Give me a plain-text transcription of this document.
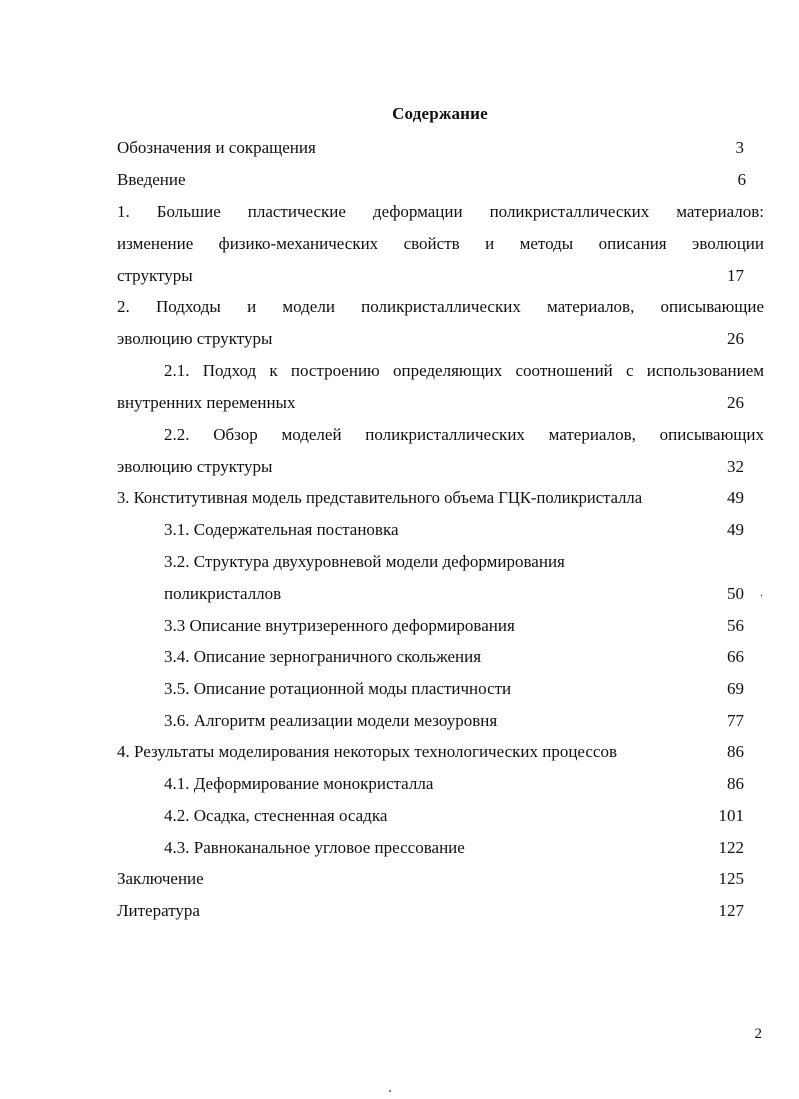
Содержание
Обозначения и сокращения	3
Введение	6
1. Большие пластические деформации поликристаллических материалов:
изменение физико-механических свойств и методы описания эволюции
структуры	17
2. Подходы и модели поликристаллических материалов, описывающие
эволюцию структуры	26
2.1. Подход к построению определяющих соотношений с использованием
внутренних переменных	26
2.2. Обзор моделей поликристаллических материалов, описывающих
эволюцию структуры	32
3. Конститутивная модель представительного объема ГЦК-поликристалла	49
3.1. Содержательная постановка	49
3.2. Структура двухуровневой модели деформирования
поликристаллов	50
3.3 Описание внутризеренного деформирования	56
3.4. Описание зернограничного скольжения	66
3.5. Описание ротационной моды пластичности	69
3.6. Алгоритм реализации модели мезоуровня	77
4. Результаты моделирования некоторых технологических процессов	86
4.1. Деформирование монокристалла	86
4.2. Осадка, стесненная осадка	101
4.3. Равноканальное угловое прессование	122
Заключение	125
Литература	127
2
